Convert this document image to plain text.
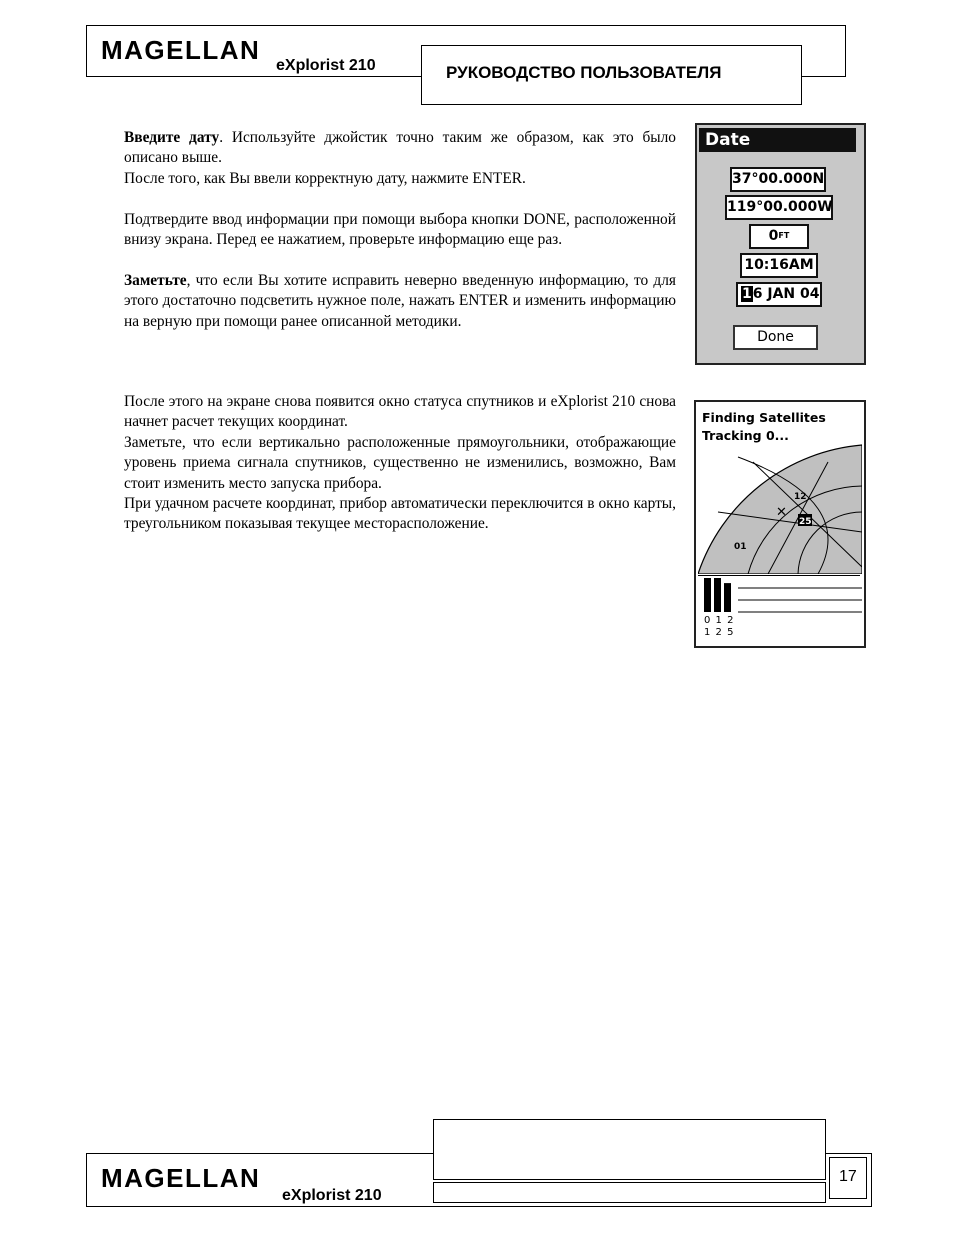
MAGELLAN
eXplorist 210	РУКОВОДСТВО ПОЛЬЗОВАТЕЛЯ

Введите дату. Используйте джойстик точно таким же образом, как это было описано выше.

После того, как Вы ввели корректную дату, нажмите ENTER.

Подтвердите ввод информации при помощи выбора кнопки DONE, расположенной внизу экрана. Перед ее нажатием, проверьте информацию еще раз.

Заметьте, что если Вы хотите исправить неверно введенную информацию, то для этого достаточно подсветить нужное поле, нажать ENTER и изменить информацию на верную при помощи ранее описанной методики.

После этого на экране снова появится окно статуса спутников и eXplorist 210 снова начнет расчет текущих координат.

Заметьте, что если вертикально расположенные прямоугольники, отображающие уровень приема сигнала спутников, существенно не изменились, возможно, Вам стоит изменить место запуска прибора.

При удачном расчете координат, прибор автоматически переключится в окно карты, треугольником показывая текущее месторасположение.

Date
37°00.000N
119°00.000W
$0^{FT}$
10:16AM
16 JAN 04
Done
Finding Satellites
Tracking 0...
12
25
01
✕
0 1 2
1 2 5
MAGELLAN
eXplorist 210
17
